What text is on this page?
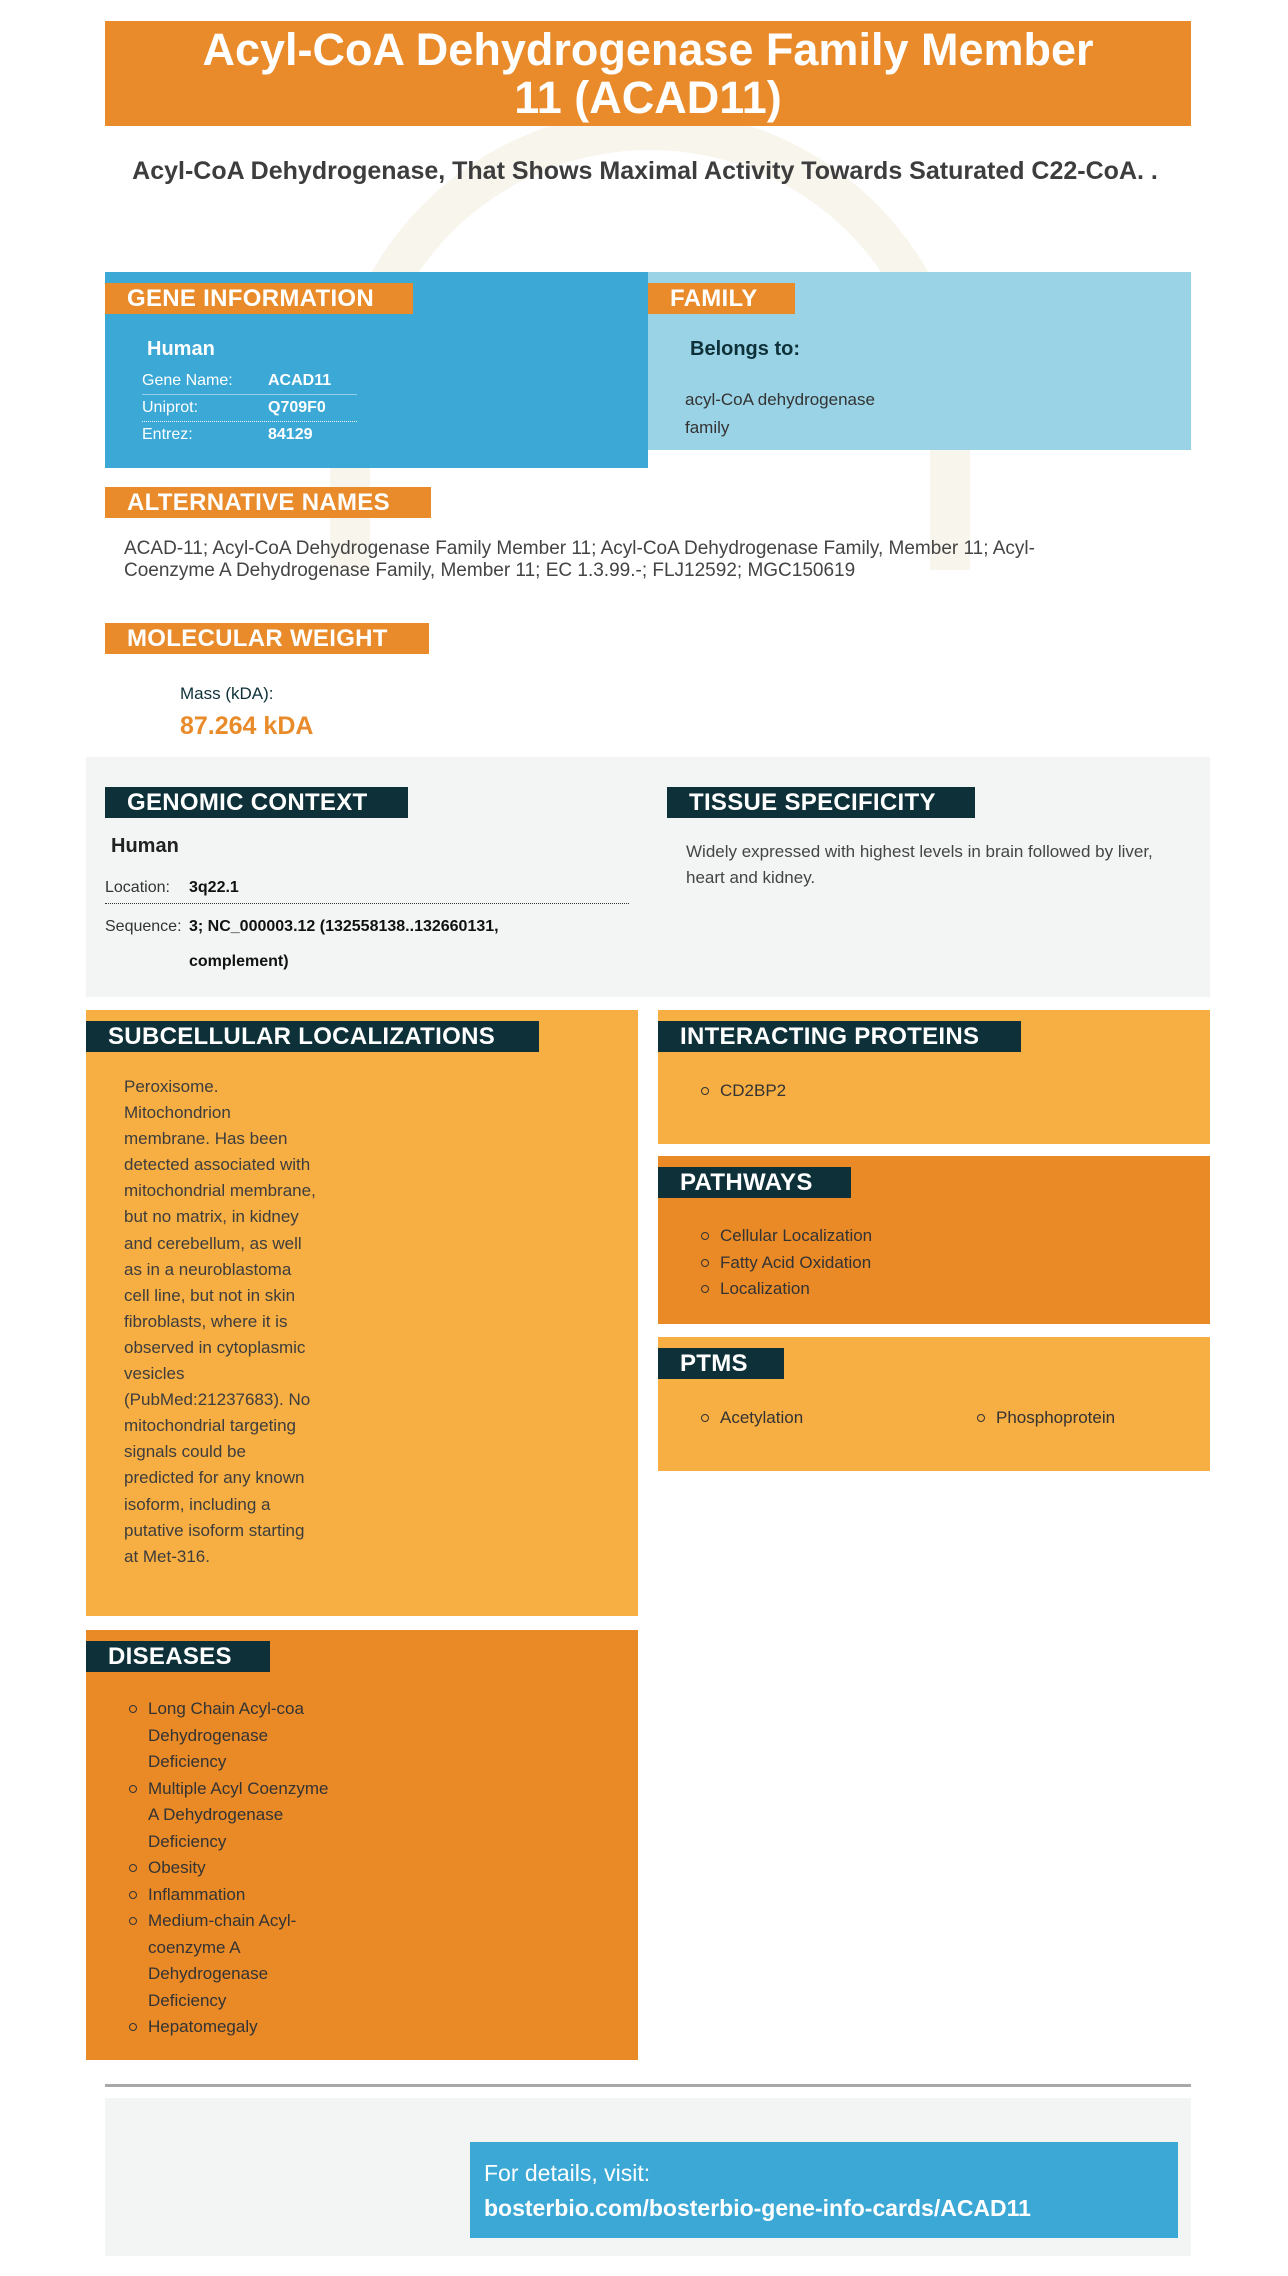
Acyl-CoA Dehydrogenase Family Member 11 (ACAD11)
Acyl-CoA Dehydrogenase, That Shows Maximal Activity Towards Saturated C22-CoA. .
GENE INFORMATION
Human
Gene Name: ACAD11
Uniprot:	Q709F0
Entrez:	84129
FAMILY
Belongs to:
acyl-CoA dehydrogenase
family
ALTERNATIVE NAMES
ACAD-11; Acyl-CoA Dehydrogenase Family Member 11; Acyl-CoA Dehydrogenase Family, Member 11; Acyl-Coenzyme A Dehydrogenase Family, Member 11; EC 1.3.99.-; FLJ12592; MGC150619
MOLECULAR WEIGHT
Mass (kDA):
87.264 kDA
GENOMIC CONTEXT
Human
Location: 3q22.1
Sequence: 3; NC_000003.12 (132558138..132660131,
complement)
TISSUE SPECIFICITY
Widely expressed with highest levels in brain followed by liver, heart and kidney.
SUBCELLULAR LOCALIZATIONS
Peroxisome.
Mitochondrion
membrane. Has been
detected associated with
mitochondrial membrane,
but no matrix, in kidney
and cerebellum, as well
as in a neuroblastoma
cell line, but not in skin
fibroblasts, where it is
observed in cytoplasmic
vesicles
(PubMed:21237683). No
mitochondrial targeting
signals could be
predicted for any known
isoform, including a
putative isoform starting
at Met-316.
INTERACTING PROTEINS
CD2BP2
PATHWAYS
Cellular Localization
Fatty Acid Oxidation
Localization
PTMS
Acetylation	Phosphoprotein
DISEASES
Long Chain Acyl-coa
Dehydrogenase
Deficiency
Multiple Acyl Coenzyme
A Dehydrogenase
Deficiency
Obesity
Inflammation
Medium-chain Acyl-
coenzyme A
Dehydrogenase
Deficiency
Hepatomegaly
For details, visit:
bosterbio.com/bosterbio-gene-info-cards/ACAD11
